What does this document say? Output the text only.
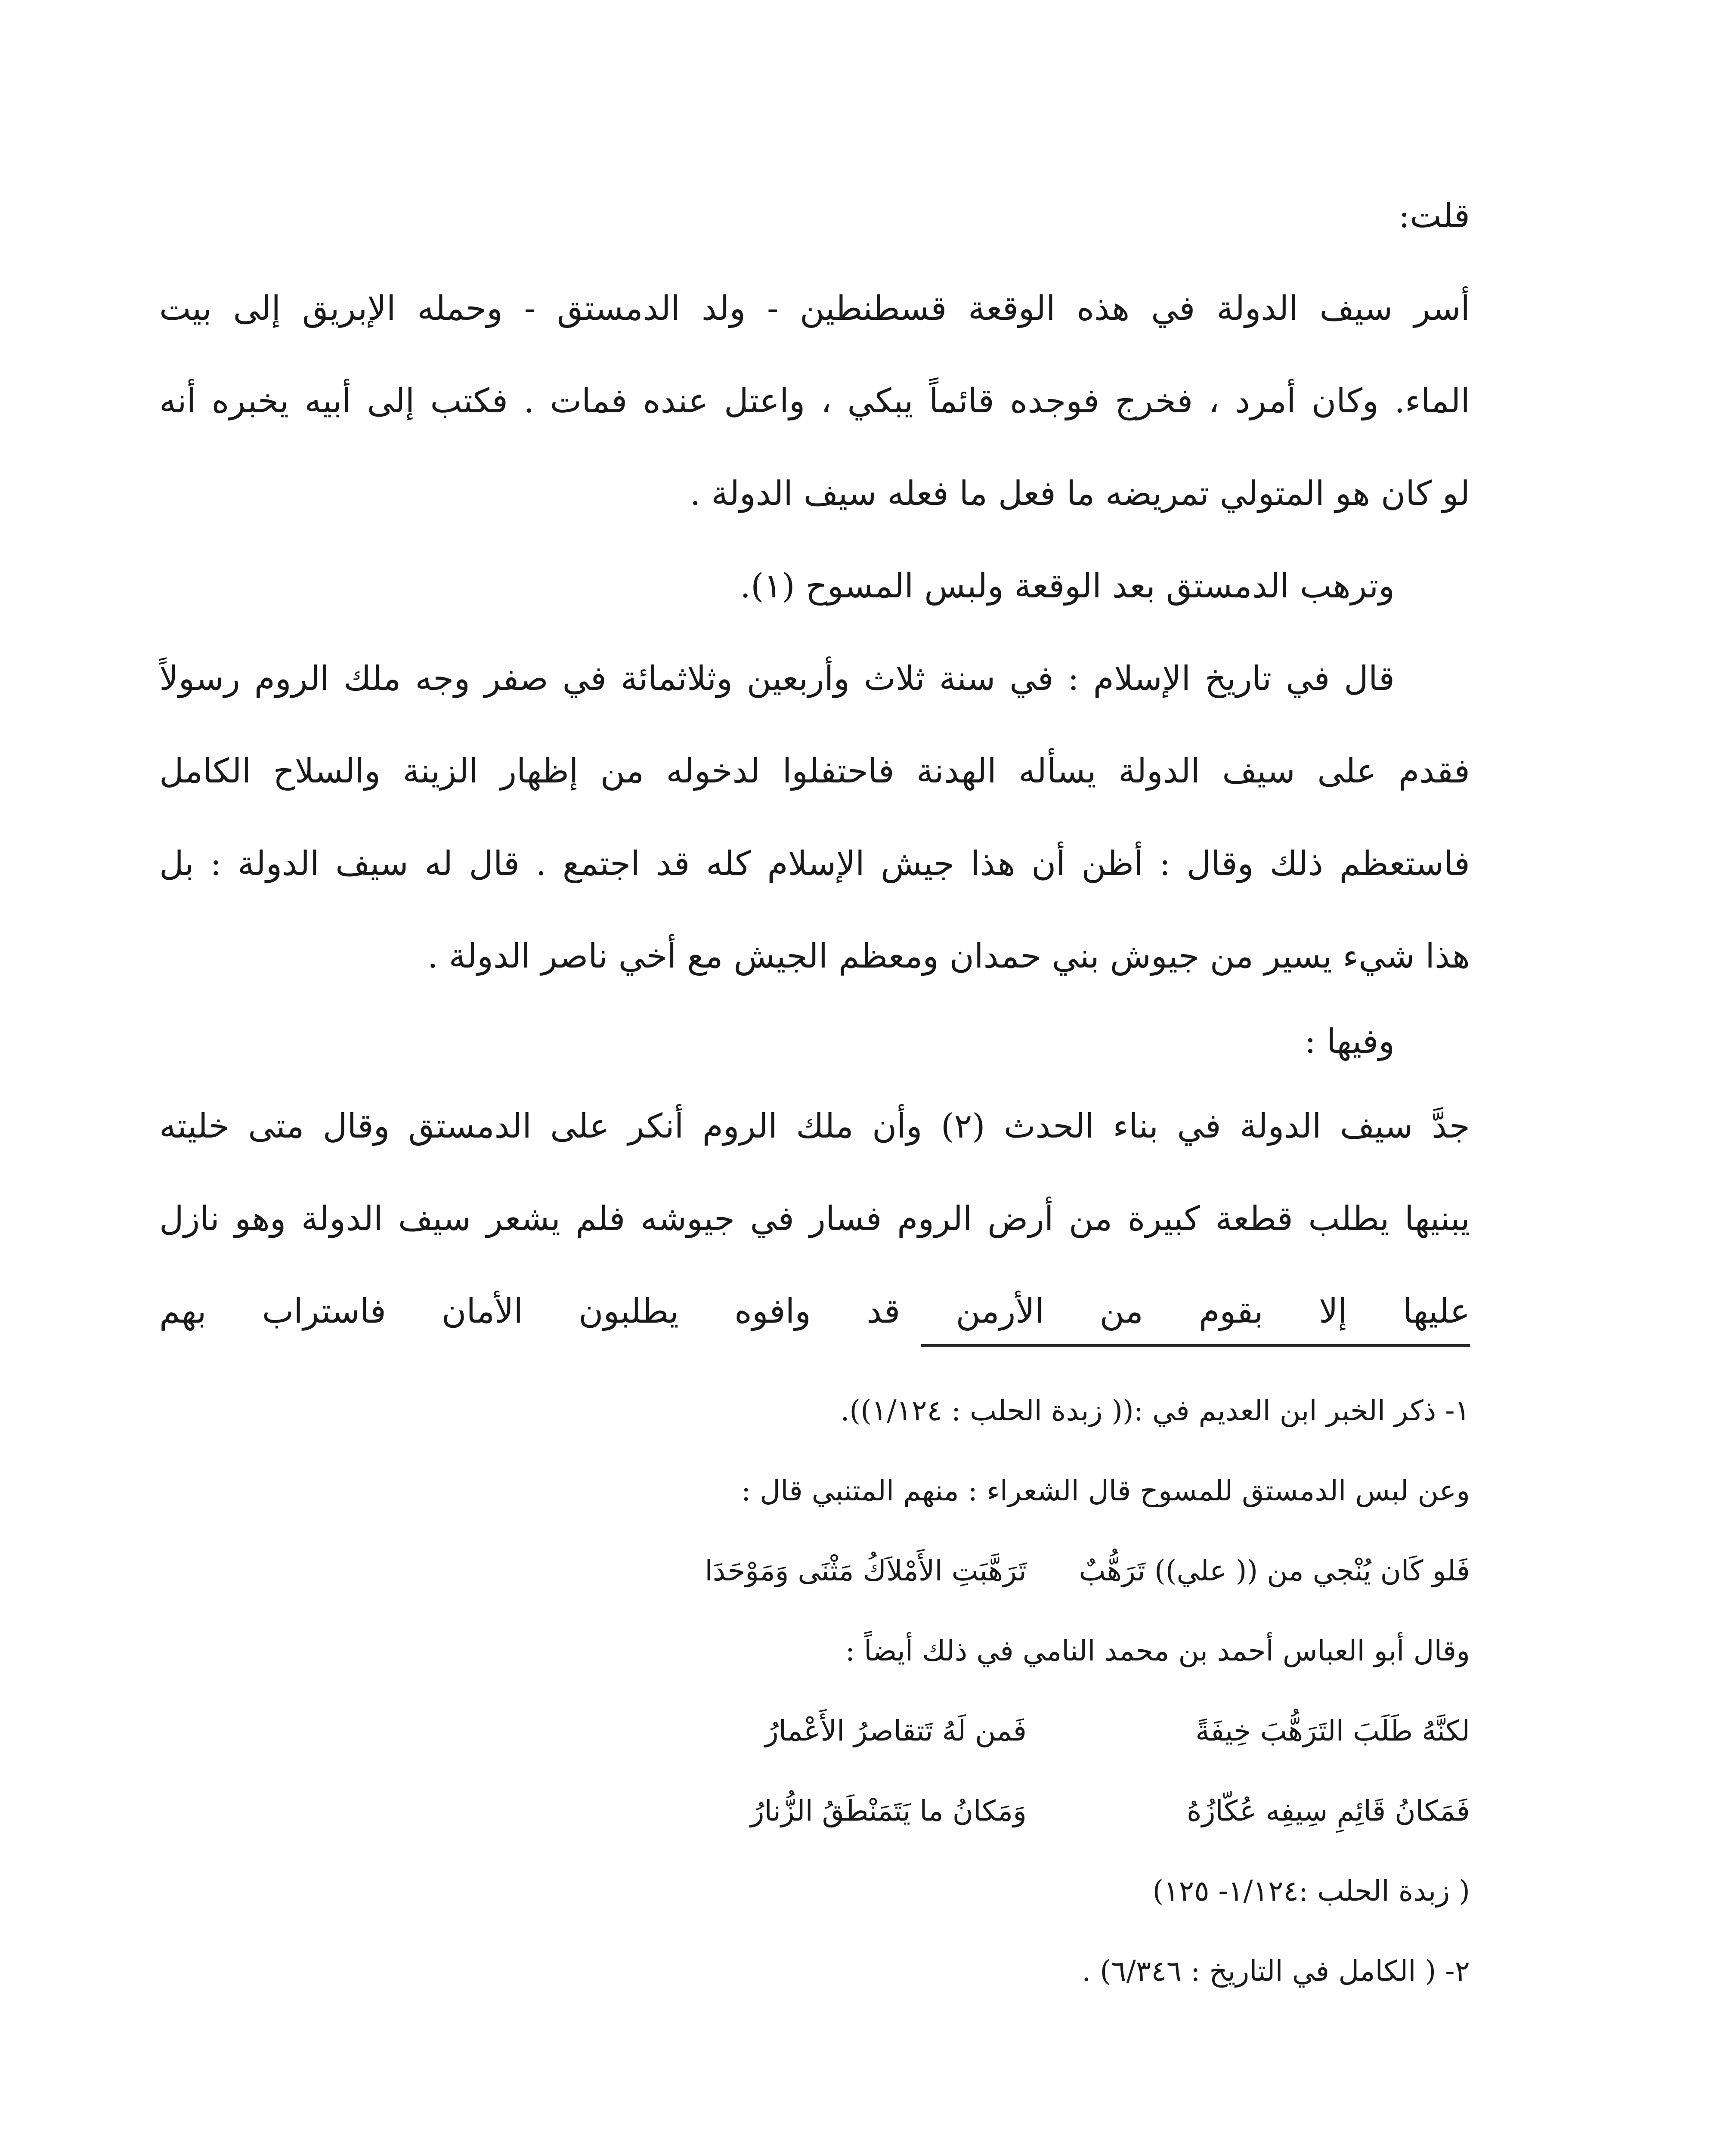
قلت:
أسر سيف الدولة في هذه الوقعة قسطنطين - ولد الدمستق - وحمله الإبريق إلى بيت
الماء. وكان أمرد ، فخرج فوجده قائماً يبكي ، واعتل عنده فمات . فكتب إلى أبيه يخبره أنه
لو كان هو المتولي تمريضه ما فعل ما فعله سيف الدولة .
وترهب الدمستق بعد الوقعة ولبس المسوح (١).
قال في تاريخ الإسلام : في سنة ثلاث وأربعين وثلاثمائة في صفر وجه ملك الروم رسولاً
فقدم على سيف الدولة يسأله الهدنة فاحتفلوا لدخوله من إظهار الزينة والسلاح الكامل
فاستعظم ذلك وقال : أظن أن هذا جيش الإسلام كله قد اجتمع . قال له سيف الدولة : بل
هذا شيء يسير من جيوش بني حمدان ومعظم الجيش مع أخي ناصر الدولة .
وفيها :
جدَّ سيف الدولة في بناء الحدث (٢) وأن ملك الروم أنكر على الدمستق وقال متى خليته
يبنيها يطلب قطعة كبيرة من أرض الروم فسار في جيوشه فلم يشعر سيف الدولة وهو نازل
عليها إلا بقوم من الأرمن قد وافوه يطلبون الأمان فاستراب بهم
١- ذكر الخبر ابن العديم في :(( زبدة الحلب : ١/١٢٤)).
وعن لبس الدمستق للمسوح قال الشعراء : منهم المتنبي قال :
فَلو كَان يُنْجي من (( علي)) تَرَهُّبٌ
تَرَهَّبَتِ الأَمْلاَكُ مَثْنَى وَمَوْحَدَا
وقال أبو العباس أحمد بن محمد النامي في ذلك أيضاً :
لكنَّهُ طَلَبَ التَرَهُّبَ خِيفَةً
فَمن لَهُ تَتقاصرُ الأَعْمارُ
فَمَكانُ قَائِمِ سِيفِه عُكّازُهُ
وَمَكانُ ما يَتَمَنْطَقُ الزُّنارُ
( زبدة الحلب :١/١٢٤- ١٢٥)
٢- ( الكامل في التاريخ : ٦/٣٤٦) .
